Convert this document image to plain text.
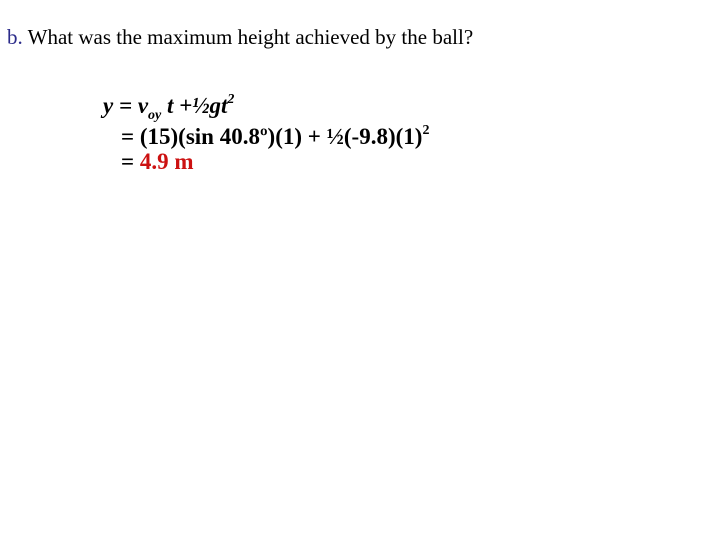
b. What was the maximum height achieved by the ball?
$y = v_{oy}$ $t +\frac{1}{2}gt^2$
= (15)(sin 40.8º)(1) + $\frac{1}{2}(-9.8)(1)^2$
= 4.9 m
